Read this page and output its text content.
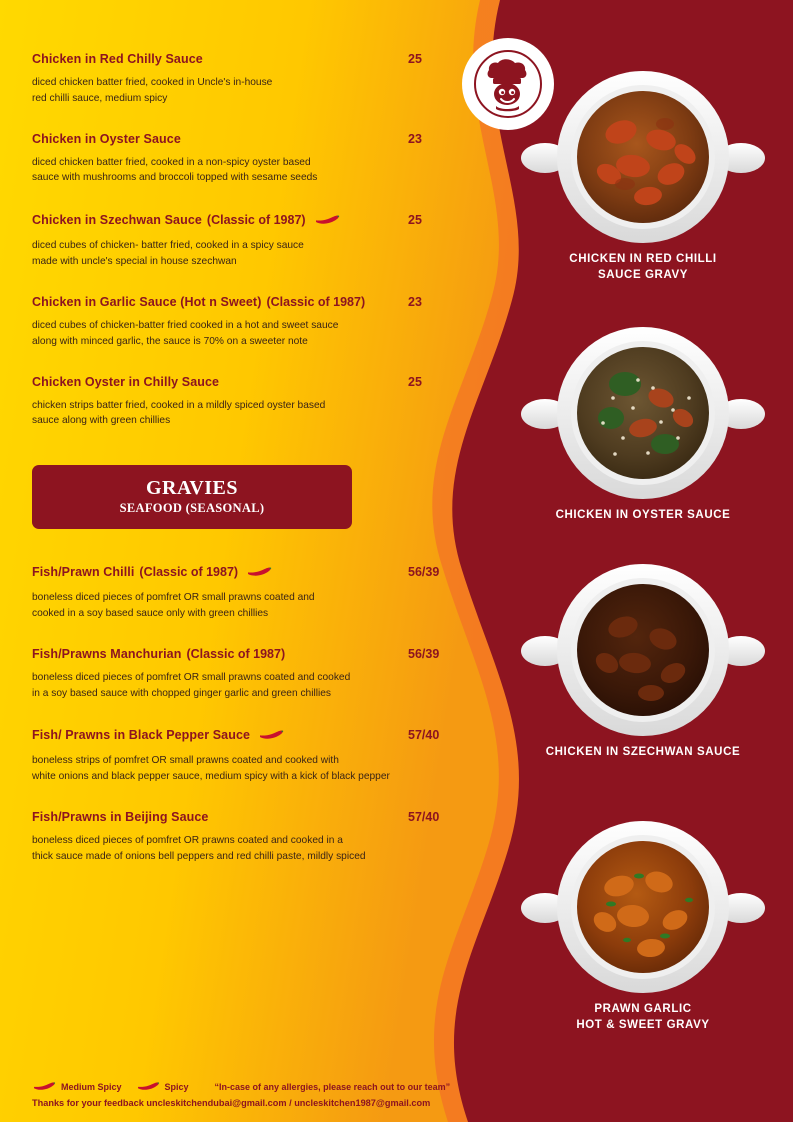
Chicken in Red Chilly Sauce	25
diced chicken batter fried, cooked in Uncle's in-house
red chilli sauce, medium spicy
Chicken in Oyster Sauce	23
diced chicken batter fried, cooked in a non-spicy oyster based
sauce with mushrooms and broccoli topped with sesame seeds
Chicken in Szechwan Sauce (Classic of 1987)	25
diced cubes of chicken- batter fried, cooked in a spicy sauce
made with uncle's special in house szechwan
Chicken in Garlic Sauce (Hot n Sweet) (Classic of 1987)	23
diced cubes of chicken-batter fried cooked in a hot and sweet sauce
along with minced garlic, the sauce is 70% on a sweeter note
Chicken Oyster in Chilly Sauce	25
chicken strips batter fried, cooked in a mildly spiced oyster based
sauce along with green chillies
GRAVIES
SEAFOOD (SEASONAL)
Fish/Prawn Chilli (Classic of 1987)	56/39
boneless diced pieces of pomfret OR small prawns coated and
cooked in a soy based sauce only with green chillies
Fish/Prawns Manchurian (Classic of 1987)	56/39
boneless diced pieces of pomfret OR small prawns coated and cooked
in a soy based sauce with chopped ginger garlic and green chillies
Fish/ Prawns in Black Pepper Sauce	57/40
boneless strips of pomfret OR small prawns coated and cooked with
white onions and black pepper sauce, medium spicy with a kick of black pepper
Fish/Prawns in Beijing Sauce	57/40
boneless diced pieces of pomfret OR prawns coated and cooked in a
thick sauce made of onions bell peppers and red chilli paste, mildly spiced
Medium Spicy	Spicy	“In-case of any allergies, please reach out to our team”
Thanks for your feedback uncleskitchendubai@gmail.com / uncleskitchen1987@gmail.com
CHICKEN IN RED CHILLI
SAUCE GRAVY
CHICKEN IN OYSTER SAUCE
CHICKEN IN SZECHWAN SAUCE
PRAWN GARLIC
HOT & SWEET GRAVY
